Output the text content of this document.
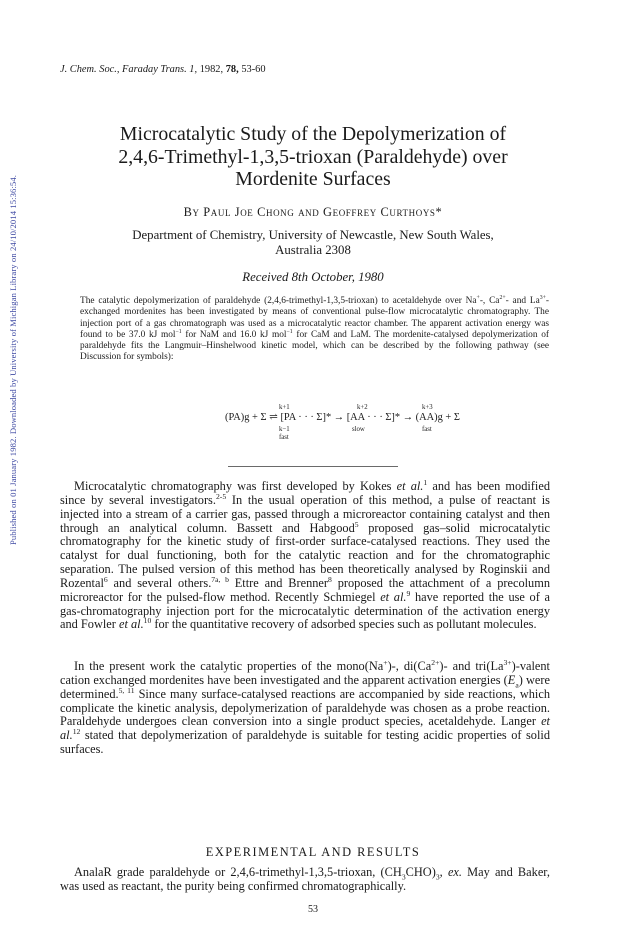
Published on 01 January 1982. Downloaded by University of Michigan Library on 24/10/2014 15:36:54.
J. Chem. Soc., Faraday Trans. 1, 1982, 78, 53-60
Microcatalytic Study of the Depolymerization of
2,4,6-Trimethyl-1,3,5-trioxan (Paraldehyde) over
Mordenite Surfaces
By Paul Joe Chong and Geoffrey Curthoys*
Department of Chemistry, University of Newcastle, New South Wales,
Australia 2308
Received 8th October, 1980

The catalytic depolymerization of paraldehyde (2,4,6-trimethyl-1,3,5-trioxan) to acetaldehyde over Na+-, $Ca^{2+}-$ and $La^{3+}$-exchanged mordenites has been investigated by means of conventional pulse-flow microcatalytic chromatography. The injection port of a gas chromatograph was used as a microcatalytic reactor chamber. The apparent activation energy was found to be 37.0 kJ mol$^{-1}$ for NaM and 16.0 kJ mol$^{-1}$ for CaM and LaM. The mordenite-catalysed depolymerization of paraldehyde fits the Langmuir–Hinshelwood kinetic model, which can be described by the following pathway (see Discussion for symbols):

k+1	k+2	k+3
(PA)g + Σ ⇌ [PA · · · Σ]* → [AA · · · Σ]* → (AA)g + Σ
k−1
fast
slow	fast

Microcatalytic chromatography was first developed by Kokes et al.$^1$ and has been modified since by several investigators.$^{2-5}$ In the usual operation of this method, a pulse of reactant is injected into a stream of a carrier gas, passed through a microreactor containing catalyst and then through an analytical column. Bassett and Habgood$^5$ proposed gas–solid microcatalytic chromatography for the kinetic study of first-order surface-catalysed reactions. They used the catalyst for dual functioning, both for the catalytic reaction and for the chromatographic separation. The pulsed version of this method has been theoretically analysed by Roginskii and Rozental$^6$ and several others.$^{7a, b}$ Ettre and Brenner$^8$ proposed the attachment of a precolumn microreactor for the pulsed-flow method. Recently Schmiegel et al.$^9$ have reported the use of a gas-chromatography injection port for the microcatalytic determination of the activation energy and Fowler et al.$^{10}$ for the quantitative recovery of adsorbed species such as pollutant molecules.

In the present work the catalytic properties of the mono(Na+)-, $di(Ca^{2+})-$ and $tri(La^{3+})$-valent cation exchanged mordenites have been investigated and the apparent activation energies $(E_a)$ were determined.$^{5, 11}$ Since many surface-catalysed reactions are accompanied by side reactions, which complicate the kinetic analysis, depolymerization of paraldehyde was chosen as a probe reaction. Paraldehyde undergoes clean conversion into a single product species, acetaldehyde. Langer et al.$^{12}$ stated that depolymerization of paraldehyde is suitable for testing acidic properties of solid surfaces.

EXPERIMENTAL AND RESULTS

AnalaR grade paraldehyde or 2,4,6-trimethyl-1,3,5-trioxan, $(CH_3CHO)_3$, ex. May and Baker, was used as reactant, the purity being confirmed chromatographically.

53
